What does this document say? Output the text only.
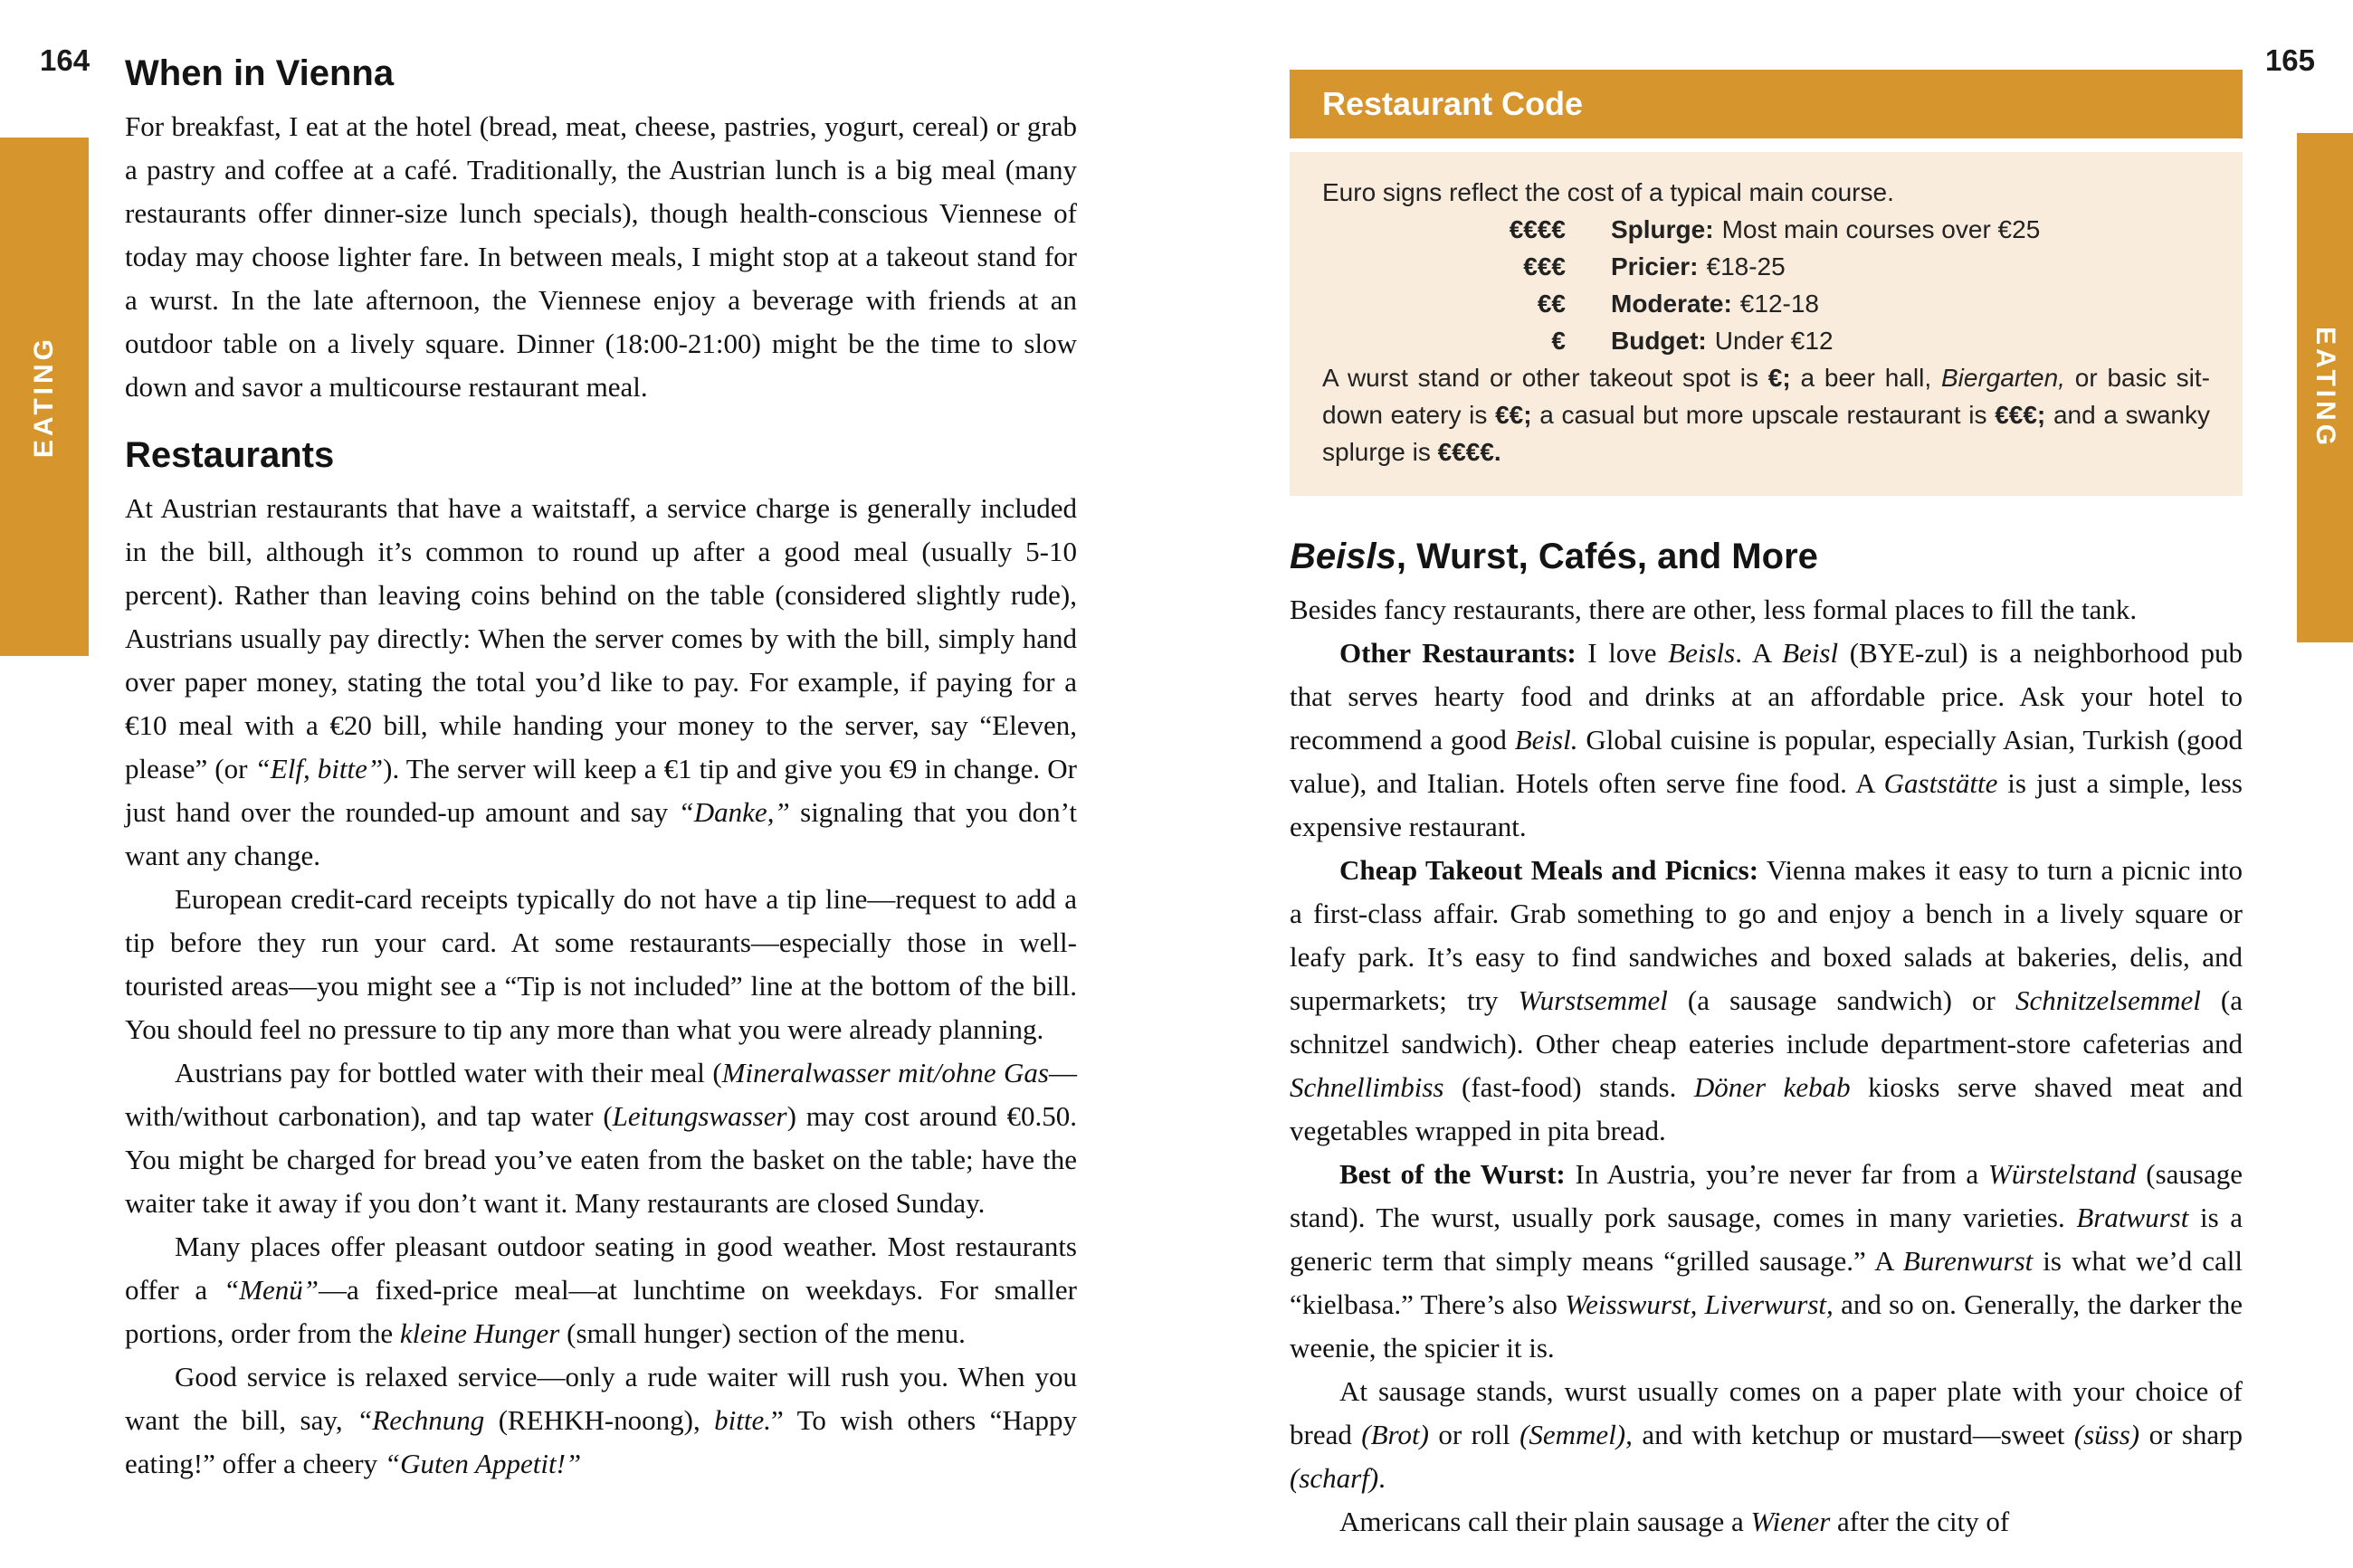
164	165
EATING	EATING
When in Vienna

For breakfast, I eat at the hotel (bread, meat, cheese, pastries, yogurt, cereal) or grab a pastry and coffee at a café. Traditionally, the Austrian lunch is a big meal (many restaurants offer dinner-size lunch specials), though health-conscious Viennese of today may choose lighter fare. In between meals, I might stop at a takeout stand for a wurst. In the late afternoon, the Viennese enjoy a beverage with friends at an outdoor table on a lively square. Dinner (18:00-21:00) might be the time to slow down and savor a multicourse restaurant meal.

Restaurants

At Austrian restaurants that have a waitstaff, a service charge is generally included in the bill, although it’s common to round up after a good meal (usually 5-10 percent). Rather than leaving coins behind on the table (considered slightly rude), Austrians usually pay directly: When the server comes by with the bill, simply hand over paper money, stating the total you’d like to pay. For example, if paying for a €10 meal with a €20 bill, while handing your money to the server, say “Eleven, please” (or “Elf, bitte”). The server will keep a €1 tip and give you €9 in change. Or just hand over the rounded-up amount and say “Danke,” signaling that you don’t want any change.

European credit-card receipts typically do not have a tip line—request to add a tip before they run your card. At some restaurants—especially those in well-touristed areas—you might see a “Tip is not included” line at the bottom of the bill. You should feel no pressure to tip any more than what you were already planning.

Austrians pay for bottled water with their meal (Mineralwasser mit/ohne Gas—with/without carbonation), and tap water (Leitungswasser) may cost around €0.50. You might be charged for bread you’ve eaten from the basket on the table; have the waiter take it away if you don’t want it. Many restaurants are closed Sunday.

Many places offer pleasant outdoor seating in good weather. Most restaurants offer a “Menü”—a fixed-price meal—at lunchtime on weekdays. For smaller portions, order from the kleine Hunger (small hunger) section of the menu.

Good service is relaxed service—only a rude waiter will rush you. When you want the bill, say, “Rechnung (REHKH-noong), bitte.” To wish others “Happy eating!” offer a cheery “Guten Appetit!”

Restaurant Code
Euro signs reflect the cost of a typical main course.
€€€€ Splurge: Most main courses over €25
€€€ Pricier: €18-25
€€ Moderate: €12-18
€ Budget: Under €12
A wurst stand or other takeout spot is €; a beer hall, Biergarten, or basic sit-down eatery is €€; a casual but more upscale restaurant is €€€; and a swanky splurge is €€€€.
Beisls, Wurst, Cafés, and More

Besides fancy restaurants, there are other, less formal places to fill the tank.

Other Restaurants: I love Beisls. A Beisl (BYE-zul) is a neighborhood pub that serves hearty food and drinks at an affordable price. Ask your hotel to recommend a good Beisl. Global cuisine is popular, especially Asian, Turkish (good value), and Italian. Hotels often serve fine food. A Gaststätte is just a simple, less expensive restaurant.

Cheap Takeout Meals and Picnics: Vienna makes it easy to turn a picnic into a first-class affair. Grab something to go and enjoy a bench in a lively square or leafy park. It’s easy to find sandwiches and boxed salads at bakeries, delis, and supermarkets; try Wurstsemmel (a sausage sandwich) or Schnitzelsemmel (a schnitzel sandwich). Other cheap eateries include department-store cafeterias and Schnellimbiss (fast-food) stands. Döner kebab kiosks serve shaved meat and vegetables wrapped in pita bread.

Best of the Wurst: In Austria, you’re never far from a Würstelstand (sausage stand). The wurst, usually pork sausage, comes in many varieties. Bratwurst is a generic term that simply means “grilled sausage.” A Burenwurst is what we’d call “kielbasa.” There’s also Weisswurst, Liverwurst, and so on. Generally, the darker the weenie, the spicier it is.

At sausage stands, wurst usually comes on a paper plate with your choice of bread (Brot) or roll (Semmel), and with ketchup or mustard—sweet (süss) or sharp (scharf).

Americans call their plain sausage a Wiener after the city of
